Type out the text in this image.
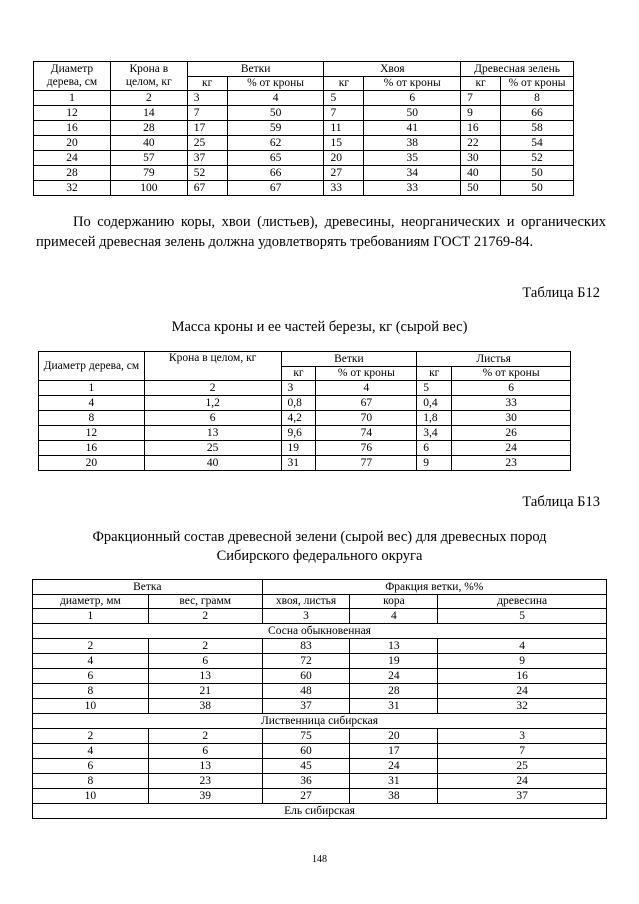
Диаметр дерева, см	Крона в целом, кг	Ветки		Хвоя		Древесная зелень	
		кг	% от кроны	кг	% от кроны	кг	% от кроны
1	2	3	4	5	6	7	8
12	14	7	50	7	50	9	66
16	28	17	59	11	41	16	58
20	40	25	62	15	38	22	54
24	57	37	65	20	35	30	52
28	79	52	66	27	34	40	50
32	100	67	67	33	33	50	50
По содержанию коры, хвои (листьев), древесины, неорганических и органических примесей древесная зелень должна удовлетворять требованиям ГОСТ 21769-84.
Таблица Б12
Масса кроны и ее частей березы, кг (сырой вес)
Диаметр дерева, см	Крона в целом, кг	Ветки		Листья	
		кг	% от кроны	кг	% от кроны
1	2	3	4	5	6
4	1,2	0,8	67	0,4	33
8	6	4,2	70	1,8	30
12	13	9,6	74	3,4	26
16	25	19	76	6	24
20	40	31	77	9	23
Таблица Б13
Фракционный состав древесной зелени (сырой вес) для древесных пород
Сибирского федерального округа
Ветка		Фракция ветки, %%		
диаметр, мм	вес, грамм	хвоя, листья	кора	древесина
1	2	3	4	5
Сосна обыкновенная				
2	2	83	13	4
4	6	72	19	9
6	13	60	24	16
8	21	48	28	24
10	38	37	31	32
Лиственница сибирская				
2	2	75	20	3
4	6	60	17	7
6	13	45	24	25
8	23	36	31	24
10	39	27	38	37
Ель сибирская				
148
